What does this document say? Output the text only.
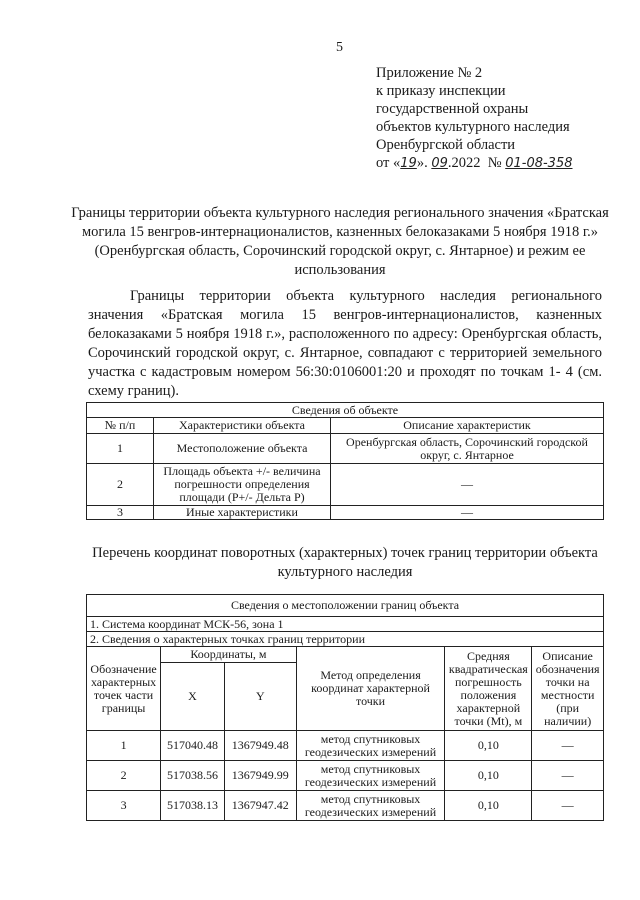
5
Приложение № 2
к приказу инспекции
государственной охраны
объектов культурного наследия
Оренбургской области
от «19». 09.2022 № 01-08-358
Границы территории объекта культурного наследия регионального значения «Братская могила 15 венгров-интернационалистов, казненных белоказаками 5 ноября 1918 г.» (Оренбургская область, Сорочинский городской округ, с. Янтарное) и режим ее использования
Границы территории объекта культурного наследия регионального значения «Братская могила 15 венгров-интернационалистов, казненных белоказаками 5 ноября 1918 г.», расположенного по адресу: Оренбургская область, Сорочинский городской округ, с. Янтарное, совпадают с территорией земельного участка с кадастровым номером 56:30:0106001:20 и проходят по точкам 1- 4 (см. схему границ).
Сведения об объекте		
№ п/п	Характеристики объекта	Описание характеристик
1	Местоположение объекта	Оренбургская область, Сорочинский городской округ, с. Янтарное
2	Площадь объекта +/- величина погрешности определения площади (Р+/- Дельта Р)	—
3	Иные характеристики	—
Перечень координат поворотных (характерных) точек границ территории объекта культурного наследия
Сведения о местоположении границ объекта					
1. Система координат МСК-56, зона 1					
2. Сведения о характерных точках границ территории					
Обозначение характерных точек части границы	Координаты, м		Метод определения координат характерной точки	Средняя квадратическая погрешность положения характерной точки (Mt), м	Описание обозначения точки на местности (при наличии)
	X	Y			
1	517040.48	1367949.48	метод спутниковых геодезических измерений	0,10	—
2	517038.56	1367949.99	метод спутниковых геодезических измерений	0,10	—
3	517038.13	1367947.42	метод спутниковых геодезических измерений	0,10	—
